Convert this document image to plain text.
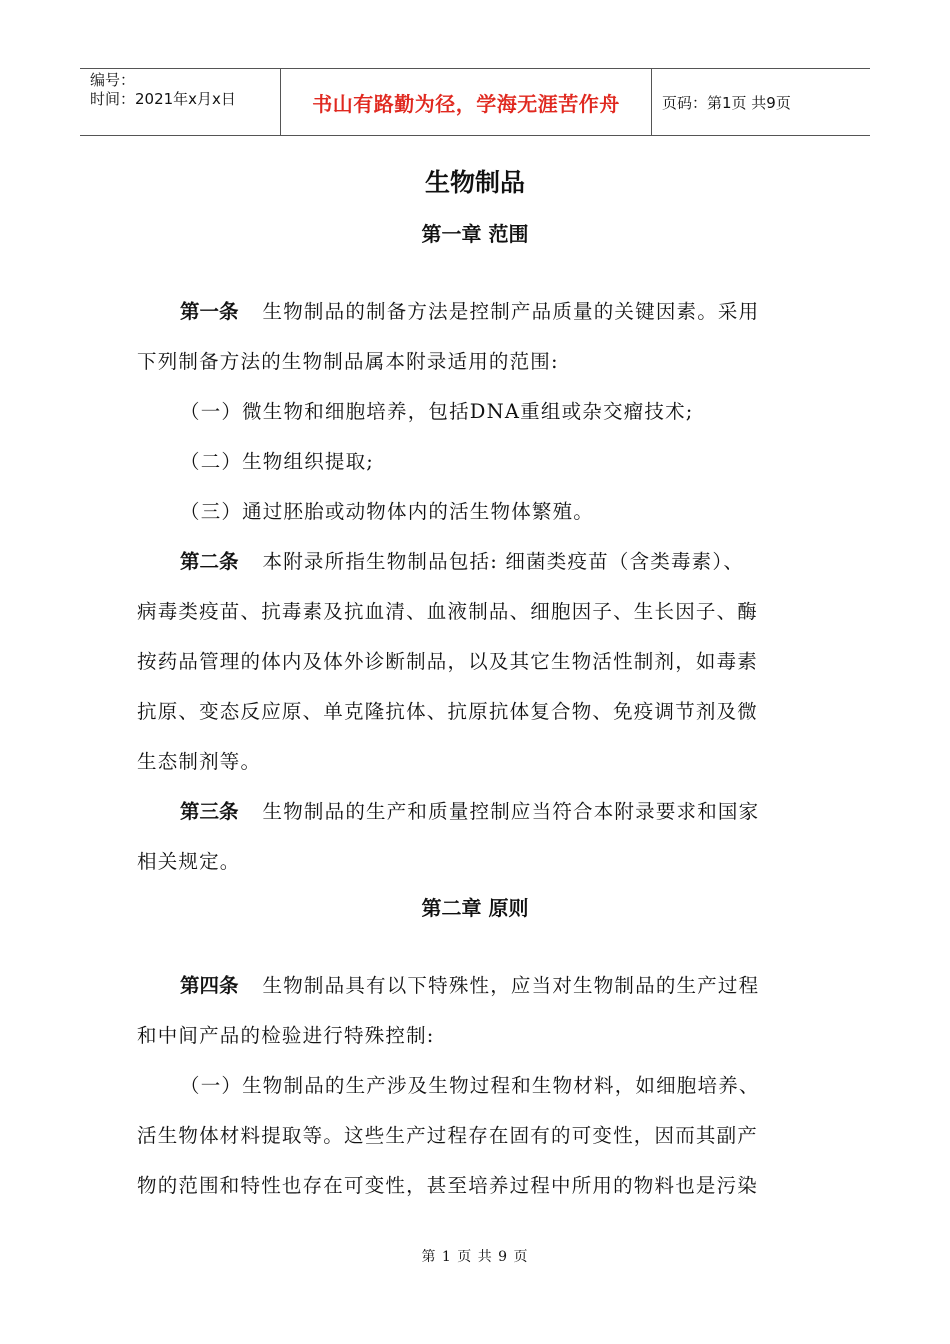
编号：
时间：2021年x月x日	书山有路勤为径，学海无涯苦作舟	页码：第1页 共9页
生物制品
第一章 范围
第一条 生物制品的制备方法是控制产品质量的关键因素。采用
下列制备方法的生物制品属本附录适用的范围:
（一）微生物和细胞培养，包括DNA重组或杂交瘤技术;
（二）生物组织提取;
（三）通过胚胎或动物体内的活生物体繁殖。
第二条 本附录所指生物制品包括: 细菌类疫苗（含类毒素）、
病毒类疫苗、抗毒素及抗血清、血液制品、细胞因子、生长因子、酶
按药品管理的体内及体外诊断制品，以及其它生物活性制剂，如毒素
抗原、变态反应原、单克隆抗体、抗原抗体复合物、免疫调节剂及微
生态制剂等。
第三条 生物制品的生产和质量控制应当符合本附录要求和国家
相关规定。
第二章 原则
第四条 生物制品具有以下特殊性，应当对生物制品的生产过程
和中间产品的检验进行特殊控制:
（一）生物制品的生产涉及生物过程和生物材料，如细胞培养、
活生物体材料提取等。这些生产过程存在固有的可变性，因而其副产
物的范围和特性也存在可变性，甚至培养过程中所用的物料也是污染
第 1 页 共 9 页
